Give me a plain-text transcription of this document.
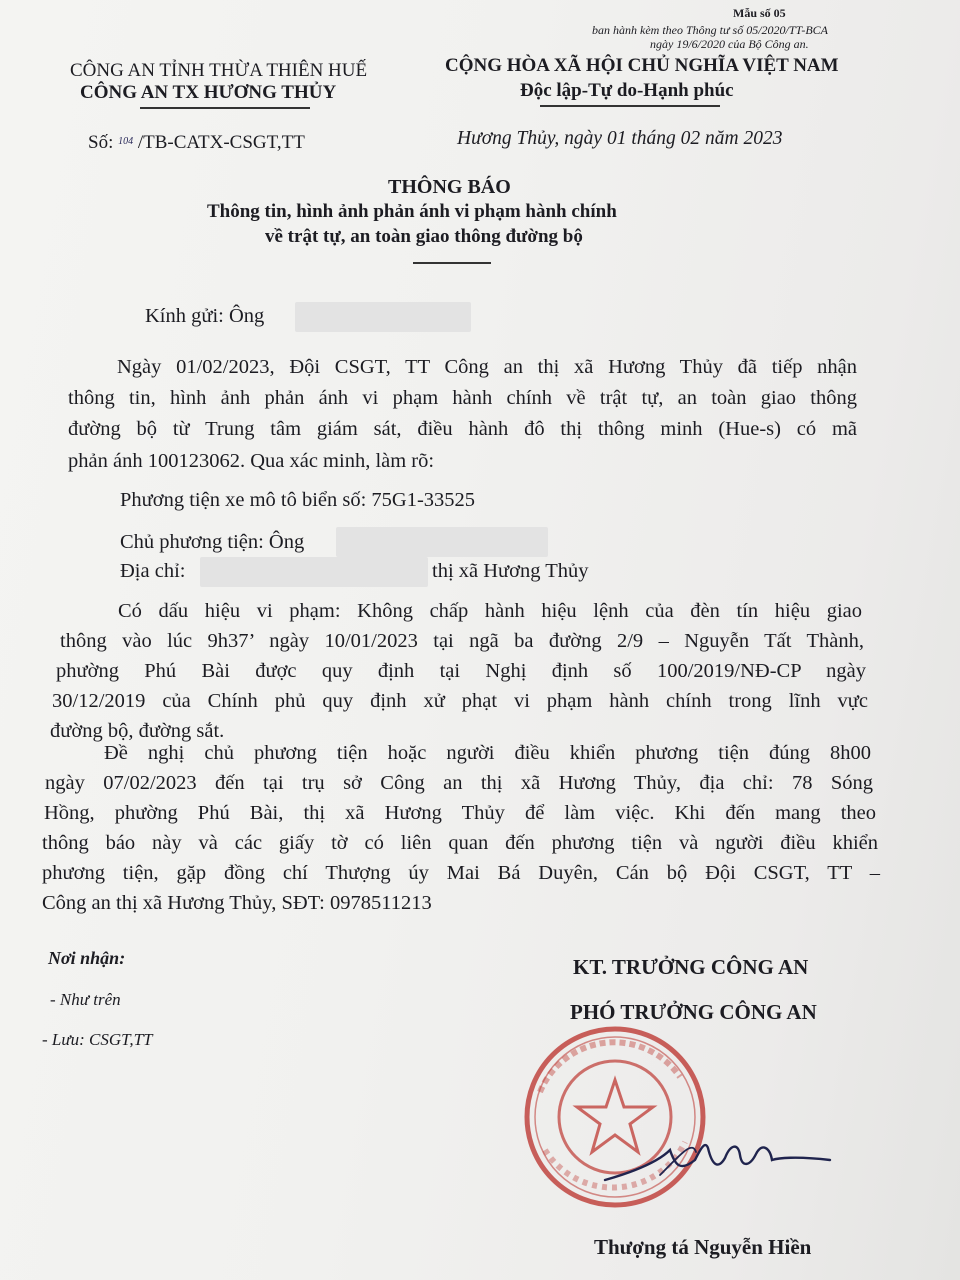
Mẫu số 05
ban hành kèm theo Thông tư số 05/2020/TT-BCA
ngày 19/6/2020 của Bộ Công an.
CÔNG AN TỈNH THỪA THIÊN HUẾ
CÔNG AN TX HƯƠNG THỦY
Số: $^{104}$ /TB-CATX-CSGT,TT
CỘNG HÒA XÃ HỘI CHỦ NGHĨA VIỆT NAM
Độc lập-Tự do-Hạnh phúc
Hương Thủy, ngày 01 tháng 02 năm 2023
THÔNG BÁO
Thông tin, hình ảnh phản ánh vi phạm hành chính
về trật tự, an toàn giao thông đường bộ
Kính gửi: Ông
Ngày 01/02/2023, Đội CSGT, TT Công an thị xã Hương Thủy đã tiếp nhận
thông tin, hình ảnh phản ánh vi phạm hành chính về trật tự, an toàn giao thông
đường bộ từ Trung tâm giám sát, điều hành đô thị thông minh (Hue-s) có mã
phản ánh 100123062. Qua xác minh, làm rõ:
Phương tiện xe mô tô biển số: 75G1-33525
Chủ phương tiện: Ông
Địa chỉ:	thị xã Hương Thủy
Có dấu hiệu vi phạm: Không chấp hành hiệu lệnh của đèn tín hiệu giao
thông vào lúc 9h37’ ngày 10/01/2023 tại ngã ba đường 2/9 – Nguyễn Tất Thành,
phường Phú Bài được quy định tại Nghị định số 100/2019/NĐ-CP ngày
30/12/2019 của Chính phủ quy định xử phạt vi phạm hành chính trong lĩnh vực
đường bộ, đường sắt.
Đề nghị chủ phương tiện hoặc người điều khiển phương tiện đúng 8h00
ngày 07/02/2023 đến tại trụ sở Công an thị xã Hương Thủy, địa chỉ: 78 Sóng
Hồng, phường Phú Bài, thị xã Hương Thủy để làm việc. Khi đến mang theo
thông báo này và các giấy tờ có liên quan đến phương tiện và người điều khiển
phương tiện, gặp đồng chí Thượng úy Mai Bá Duyên, Cán bộ Đội CSGT, TT –
Công an thị xã Hương Thủy, SĐT: 0978511213
Nơi nhận:
- Như trên
- Lưu: CSGT,TT
KT. TRƯỞNG CÔNG AN
PHÓ TRƯỞNG CÔNG AN
Thượng tá Nguyễn Hiền
